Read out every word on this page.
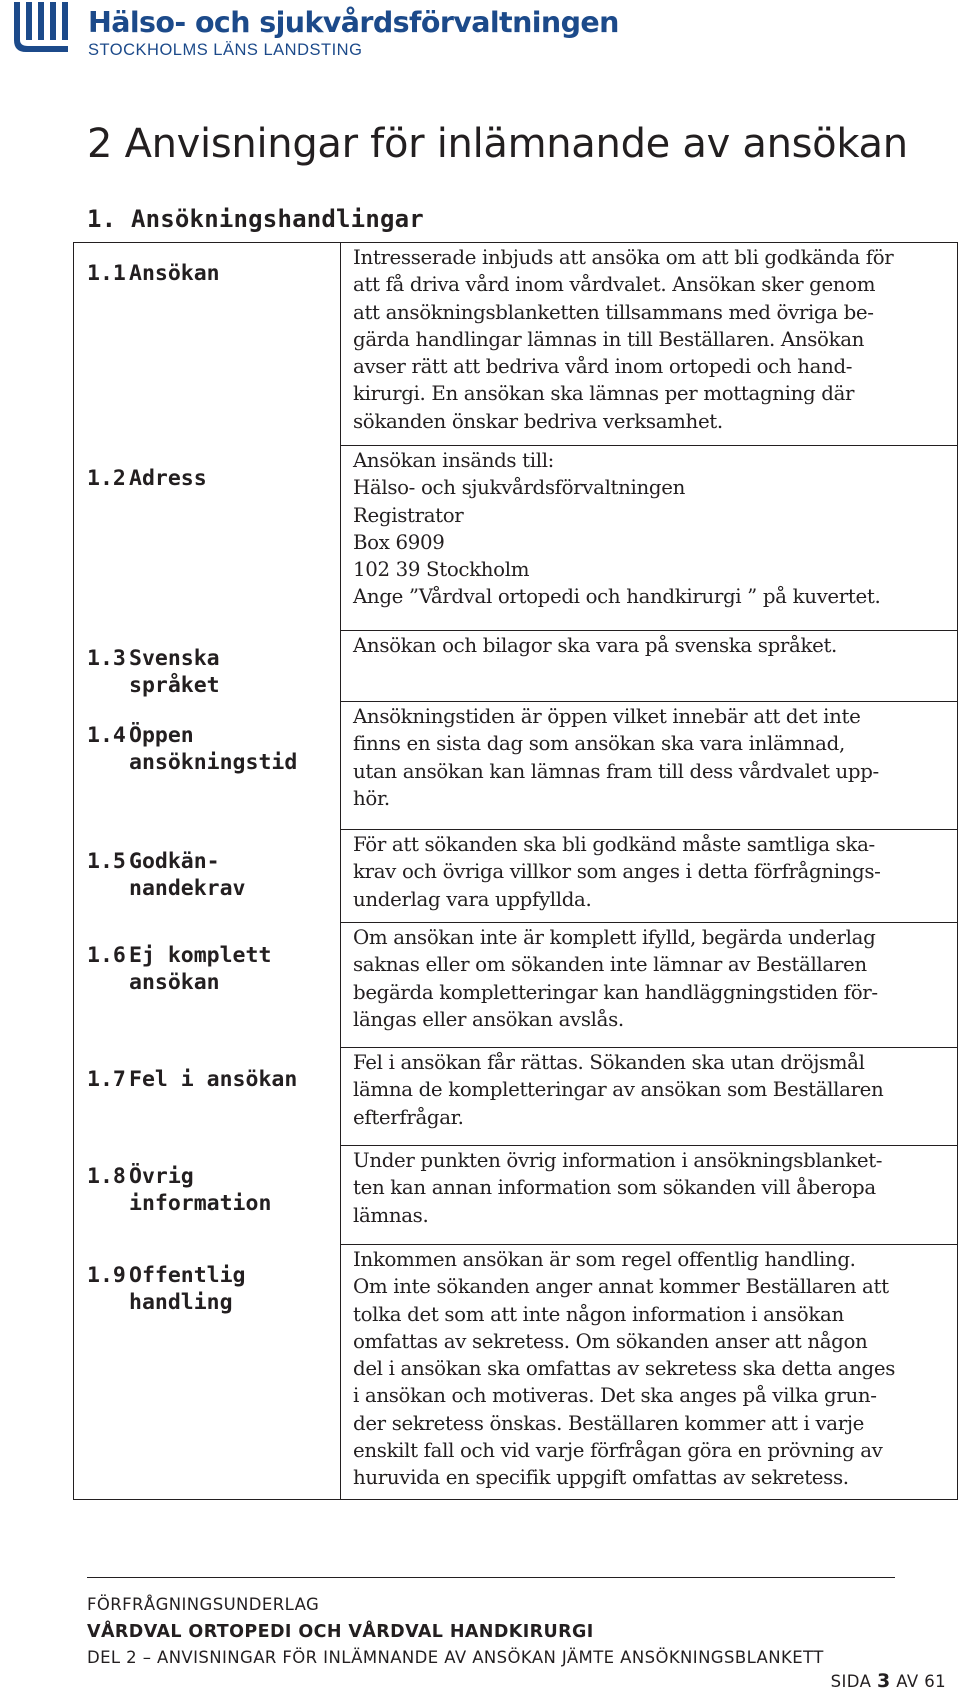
Hälso- och sjukvårdsförvaltningen
STOCKHOLMS LÄNS LANDSTING
2 Anvisningar för inlämnande av ansökan
1. Ansökningshandlingar
1.1 Ansökan
Intresserade inbjuds att ansöka om att bli godkända för
att få driva vård inom vårdvalet. Ansökan sker genom
att ansökningsblanketten tillsammans med övriga be-
gärda handlingar lämnas in till Beställaren. Ansökan
avser rätt att bedriva vård inom ortopedi och hand-
kirurgi. En ansökan ska lämnas per mottagning där
sökanden önskar bedriva verksamhet.
1.2 Adress
Ansökan insänds till:
Hälso- och sjukvårdsförvaltningen
Registrator
Box 6909
102 39 Stockholm
Ange ”Vårdval ortopedi och handkirurgi ” på kuvertet.
1.3 Svenska
språket
Ansökan och bilagor ska vara på svenska språket.
1.4 Öppen
ansökningstid
Ansökningstiden är öppen vilket innebär att det inte
finns en sista dag som ansökan ska vara inlämnad,
utan ansökan kan lämnas fram till dess vårdvalet upp-
hör.
1.5 Godkän-
nandekrav
För att sökanden ska bli godkänd måste samtliga ska-
krav och övriga villkor som anges i detta förfrågnings-
underlag vara uppfyllda.
1.6 Ej komplett
ansökan
Om ansökan inte är komplett ifylld, begärda underlag
saknas eller om sökanden inte lämnar av Beställaren
begärda kompletteringar kan handläggningstiden för-
längas eller ansökan avslås.
1.7 Fel i ansökan
Fel i ansökan får rättas. Sökanden ska utan dröjsmål
lämna de kompletteringar av ansökan som Beställaren
efterfrågar.
1.8 Övrig
information
Under punkten övrig information i ansökningsblanket-
ten kan annan information som sökanden vill åberopa
lämnas.
1.9 Offentlig
handling
Inkommen ansökan är som regel offentlig handling.
Om inte sökanden anger annat kommer Beställaren att
tolka det som att inte någon information i ansökan
omfattas av sekretess. Om sökanden anser att någon
del i ansökan ska omfattas av sekretess ska detta anges
i ansökan och motiveras. Det ska anges på vilka grun-
der sekretess önskas. Beställaren kommer att i varje
enskilt fall och vid varje förfrågan göra en prövning av
huruvida en specifik uppgift omfattas av sekretess.
FÖRFRÅGNINGSUNDERLAG
VÅRDVAL ORTOPEDI OCH VÅRDVAL HANDKIRURGI
DEL 2 – ANVISNINGAR FÖR INLÄMNANDE AV ANSÖKAN JÄMTE ANSÖKNINGSBLANKETT
SIDA 3 AV 61
